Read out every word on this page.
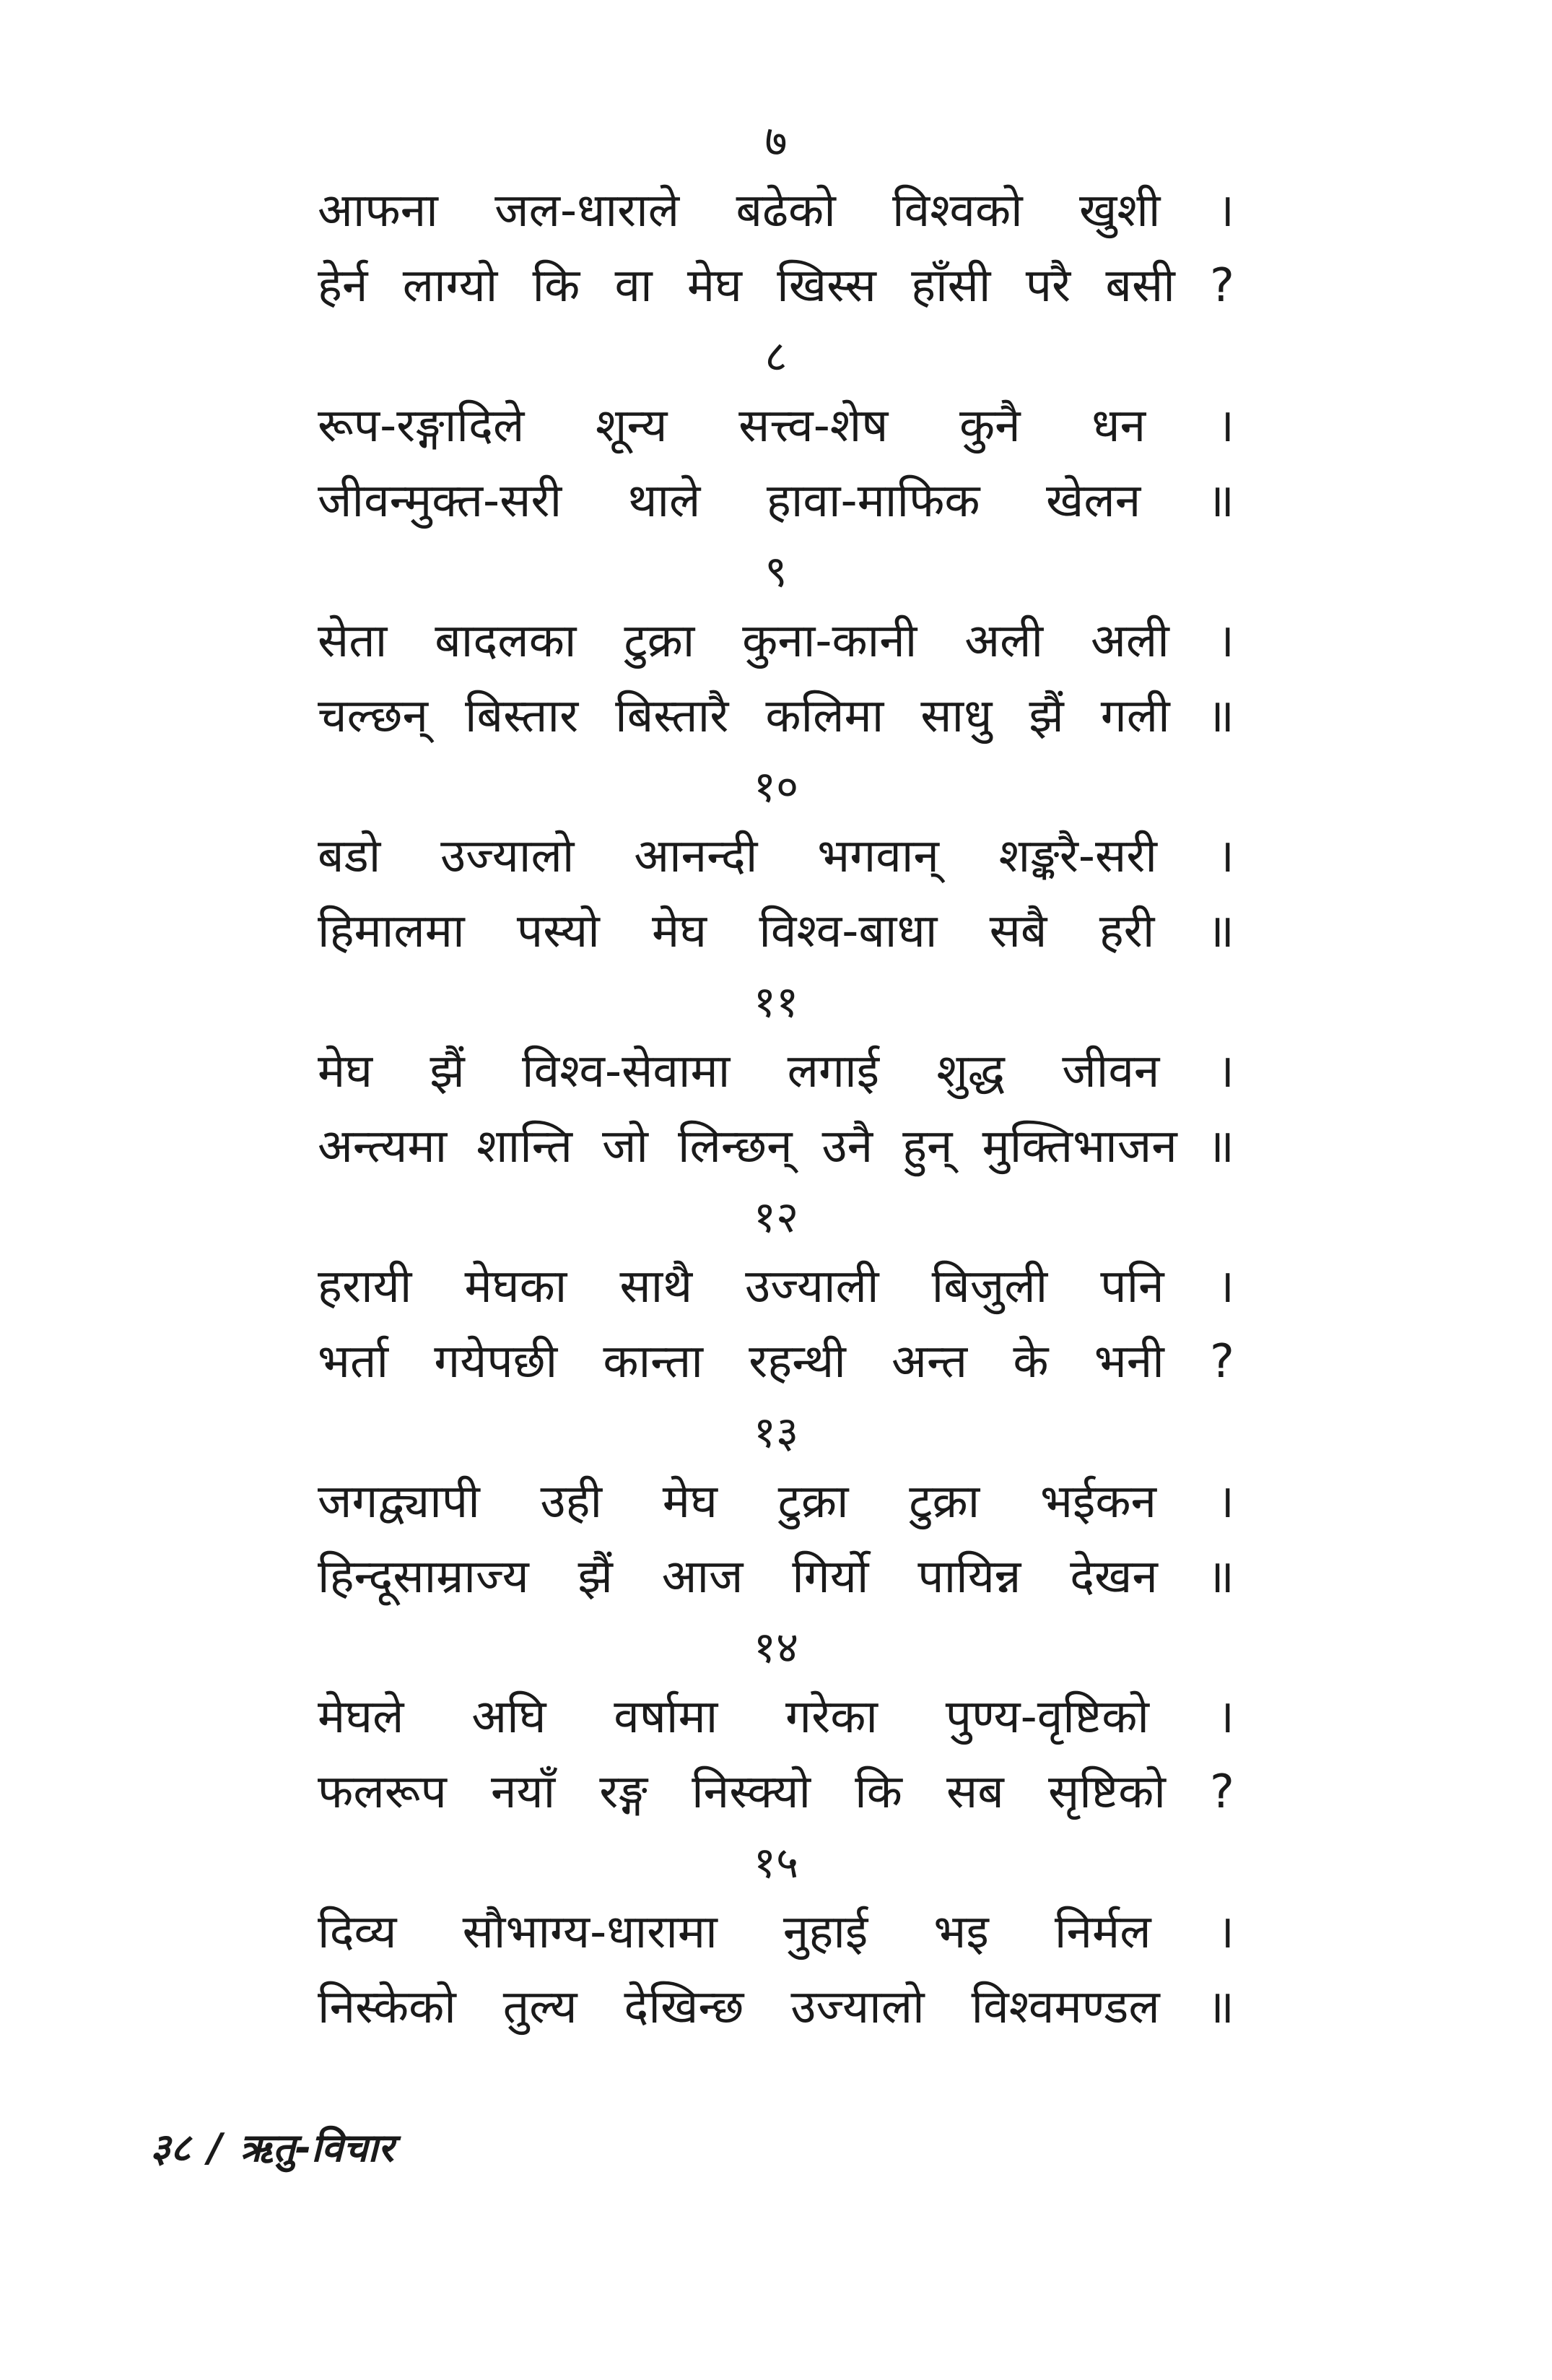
७
आफना जल-धाराले बढेको विश्वको खुशी ।
हेर्न लाग्यो कि वा मेघ खिस्स हाँसी परै बसी ?
८
रूप-रङ्गादिले शून्य सत्त्व-शेष कुनै धन ।
जीवन्मुक्त-सरी थाले हावा-माफिक खेलन ॥
९
सेता बादलका टुक्रा कुना-कानी अली अली ।
चल्छन् बिस्तार बिस्तारै कलिमा साधु झैं गली ॥
१०
बडो उज्यालो आनन्दी भगवान् शङ्करै-सरी ।
हिमालमा पस्यो मेघ विश्व-बाधा सबै हरी ॥
११
मेघ झैं विश्व-सेवामा लगाई शुद्ध जीवन ।
अन्त्यमा शान्ति जो लिन्छन् उनै हुन् मुक्तिभाजन ॥
१२
हरायी मेघका साथै उज्याली बिजुली पनि ।
भर्ता गयेपछी कान्ता रहन्थी अन्त के भनी ?
१३
जगद्व्यापी उही मेघ टुक्रा टुक्रा भईकन ।
हिन्दूसाम्राज्य झैं आज गिर्यो पायिन्न देखन ॥
१४
मेघले अघि वर्षामा गरेका पुण्य-वृष्टिको ।
फलरूप नयाँ रङ्ग निस्क्यो कि सब सृष्टिको ?
१५
दिव्य सौभाग्य-धारामा नुहाई भइ निर्मल ।
निस्केको तुल्य देखिन्छ उज्यालो विश्वमण्डल ॥
३८ / ऋतु-विचार
